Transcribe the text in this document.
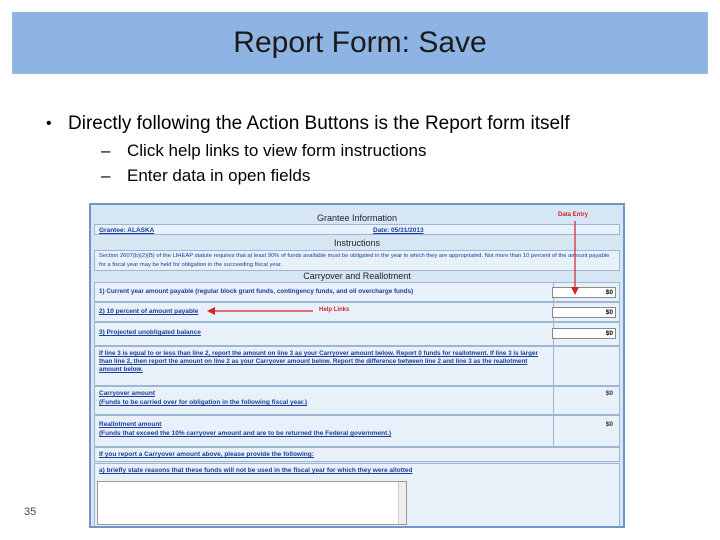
Report Form: Save
• Directly following the Action Buttons is the Report form itself
– Click help links to view form instructions
– Enter data in open fields
35
Grantee Information	Data Entry
Grantee: ALASKA	Date: 05/31/2013
Instructions
Section 2607(b)(2)(B) of the LIHEAP statute requires that at least 90% of funds available must be obligated in the year in which they are appropriated. Not more than 10 percent of the amount payable for a fiscal year may be held for obligation in the succeeding fiscal year.
Carryover and Reallotment
1) Current year amount payable (regular block grant funds, contingency funds, and oil overcharge funds)	$0
2) 10 percent of amount payable	Help Links	$0
3) Projected unobligated balance	$0
If line 3 is equal to or less than line 2, report the amount on line 3 as your Carryover amount below. Report 0 funds for reallotment. If line 3 is larger than line 2, then report the amount on line 2 as your Carryover amount below. Report the difference between line 2 and line 3 as the reallotment amount below.
Carryover amount
(Funds to be carried over for obligation in the following fiscal year.)
$0
Reallotment amount
(Funds that exceed the 10% carryover amount and are to be returned the Federal government.)
$0
If you report a Carryover amount above, please provide the following:
a) briefly state reasons that these funds will not be used in the fiscal year for which they were allotted
